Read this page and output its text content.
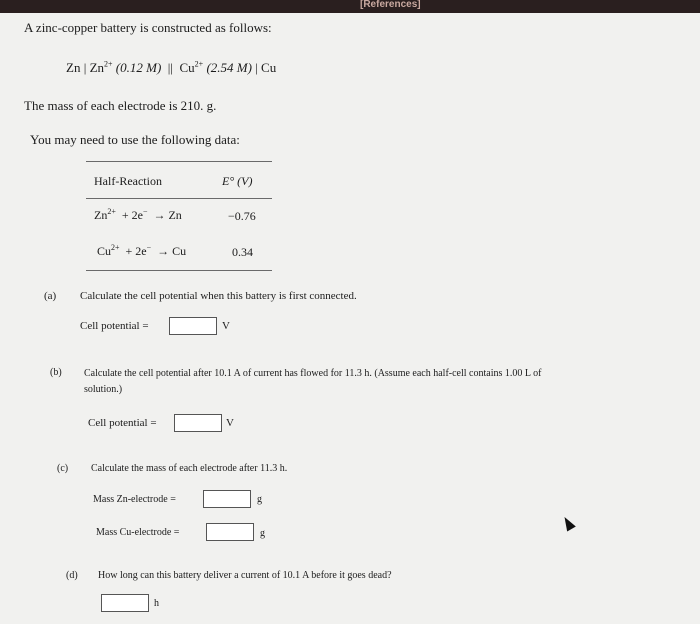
[References]
A zinc-copper battery is constructed as follows:
Zn | $Zn^{2+}$ (0.12 M) || $Cu^{2+}$ (2.54 M) | Cu
The mass of each electrode is 210. g.
You may need to use the following data:
Half-Reaction	E° (V)
$Zn^{2+} + 2e^- \to Zn$	−0.76
$Cu^{2+} + 2e^- \to Cu$	0.34
(a) Calculate the cell potential when this battery is first connected.
Cell potential =	V
(b) Calculate the cell potential after 10.1 A of current has flowed for 11.3 h. (Assume each half-cell contains 1.00 L of
solution.)
Cell potential =	V
(c) Calculate the mass of each electrode after 11.3 h.
Mass Zn-electrode =	g
Mass Cu-electrode =	g
(d) How long can this battery deliver a current of 10.1 A before it goes dead?
h
